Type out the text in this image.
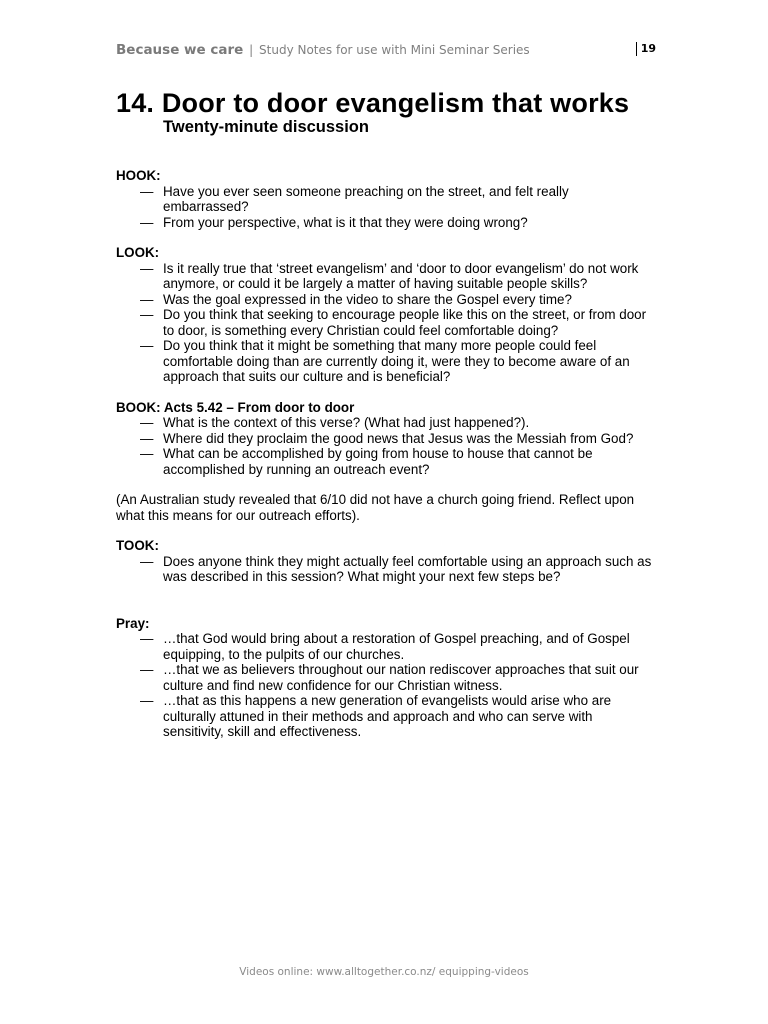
Because we care | Study Notes for use with Mini Seminar Series	19
14. Door to door evangelism that works
Twenty-minute discussion
HOOK:
— Have you ever seen someone preaching on the street, and felt really embarrassed?
— From your perspective, what is it that they were doing wrong?
LOOK:
— Is it really true that ‘street evangelism’ and ‘door to door evangelism’ do not work anymore, or could it be largely a matter of having suitable people skills?
— Was the goal expressed in the video to share the Gospel every time?
— Do you think that seeking to encourage people like this on the street, or from door to door, is something every Christian could feel comfortable doing?
— Do you think that it might be something that many more people could feel comfortable doing than are currently doing it, were they to become aware of an approach that suits our culture and is beneficial?
BOOK: Acts 5.42 – From door to door
— What is the context of this verse? (What had just happened?).
— Where did they proclaim the good news that Jesus was the Messiah from God?
— What can be accomplished by going from house to house that cannot be accomplished by running an outreach event?
(An Australian study revealed that 6/10 did not have a church going friend. Reflect upon what this means for our outreach efforts).
TOOK:
— Does anyone think they might actually feel comfortable using an approach such as was described in this session? What might your next few steps be?
Pray:
— …that God would bring about a restoration of Gospel preaching, and of Gospel equipping, to the pulpits of our churches.
— …that we as believers throughout our nation rediscover approaches that suit our culture and find new confidence for our Christian witness.
— …that as this happens a new generation of evangelists would arise who are culturally attuned in their methods and approach and who can serve with sensitivity, skill and effectiveness.
Videos online: www.alltogether.co.nz/ equipping-videos
